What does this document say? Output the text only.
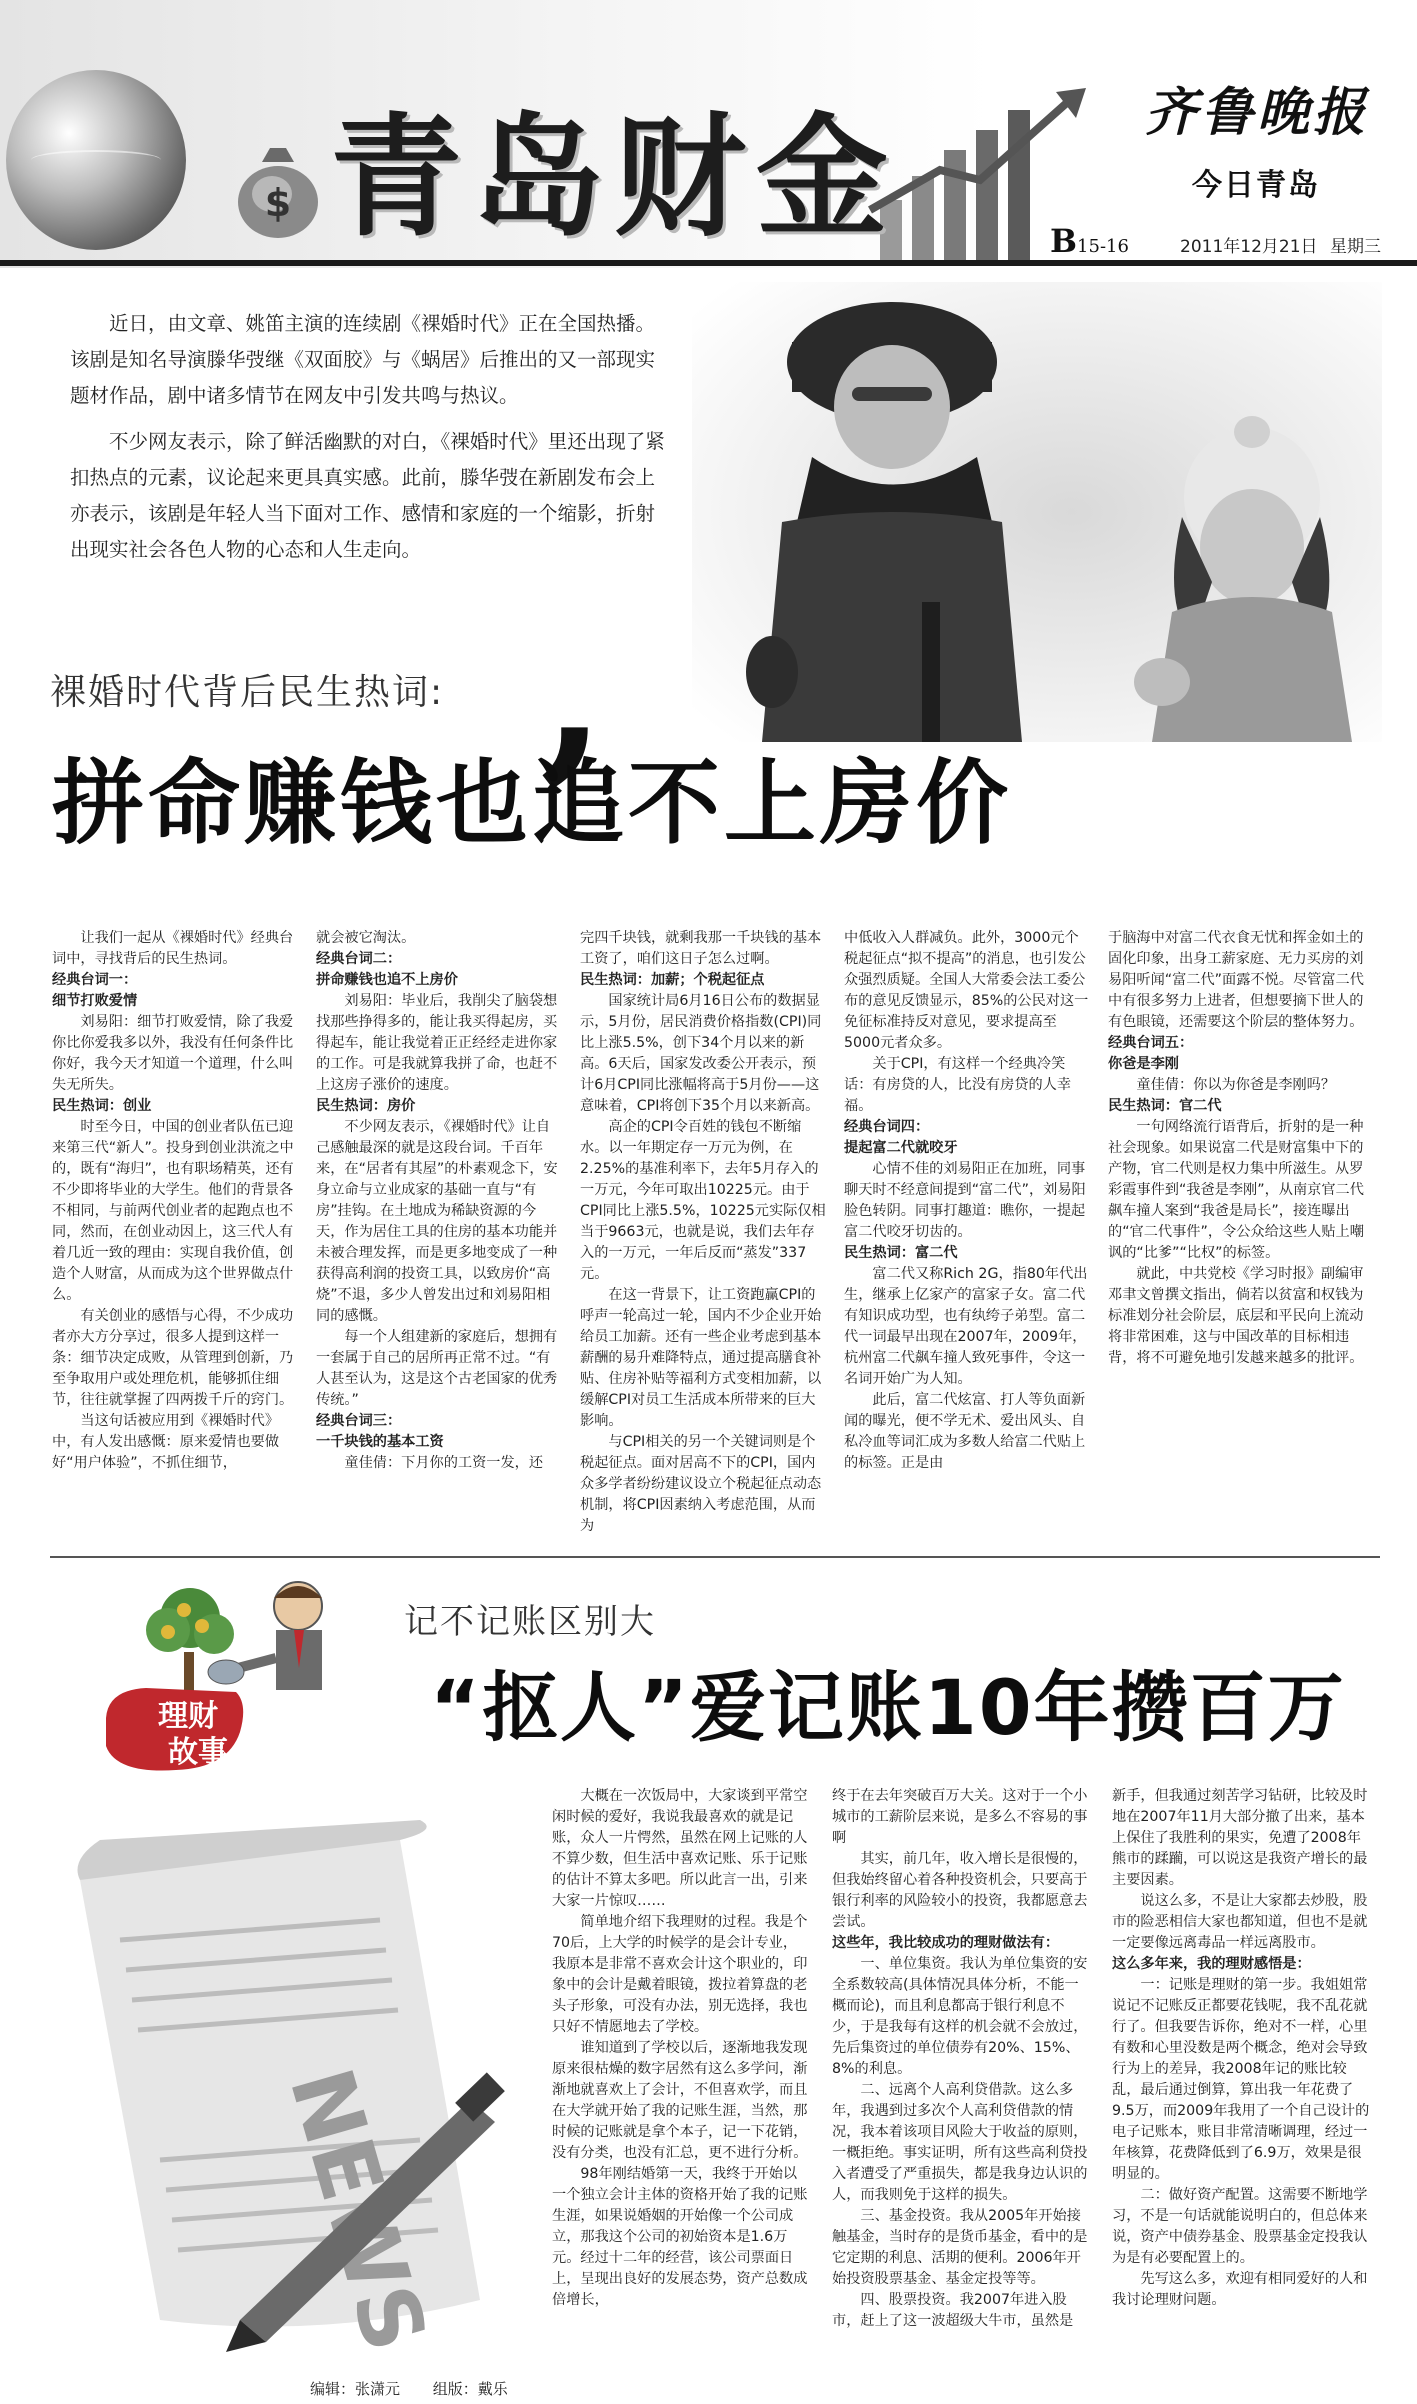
$ 青岛财金	齐鲁晚报
今日青岛
B15-16	2011年12月21日 星期三

近日，由文章、姚笛主演的连续剧《裸婚时代》正在全国热播。该剧是知名导演滕华弢继《双面胶》与《蜗居》后推出的又一部现实题材作品，剧中诸多情节在网友中引发共鸣与热议。

不少网友表示，除了鲜活幽默的对白，《裸婚时代》里还出现了紧扣热点的元素，议论起来更具真实感。此前，滕华弢在新剧发布会上亦表示，该剧是年轻人当下面对工作、感情和家庭的一个缩影，折射出现实社会各色人物的心态和人生走向。

,
裸婚时代背后民生热词:
拼命赚钱也追不上房价

让我们一起从《裸婚时代》经典台词中，寻找背后的民生热词。

经典台词一：

细节打败爱情

刘易阳：细节打败爱情，除了我爱你比你爱我多以外，我没有任何条件比你好，我今天才知道一个道理，什么叫失无所失。

民生热词：创业

时至今日，中国的创业者队伍已迎来第三代“新人”。投身到创业洪流之中的，既有“海归”，也有职场精英，还有不少即将毕业的大学生。他们的背景各不相同，与前两代创业者的起跑点也不同，然而，在创业动因上，这三代人有着几近一致的理由：实现自我价值，创造个人财富，从而成为这个世界做点什么。

有关创业的感悟与心得，不少成功者亦大方分享过，很多人提到这样一条：细节决定成败，从管理到创新，乃至争取用户或处理危机，能够抓住细节，往往就掌握了四两拨千斤的窍门。

当这句话被应用到《裸婚时代》中，有人发出感慨：原来爱情也要做好“用户体验”，不抓住细节，

就会被它淘汰。

经典台词二：

拼命赚钱也追不上房价

刘易阳：毕业后，我削尖了脑袋想找那些挣得多的，能让我买得起房，买得起车，能让我觉着正正经经走进你家的工作。可是我就算我拼了命，也赶不上这房子涨价的速度。

民生热词：房价

不少网友表示，《裸婚时代》让自己感触最深的就是这段台词。千百年来，在“居者有其屋”的朴素观念下，安身立命与立业成家的基础一直与“有房”挂钩。在土地成为稀缺资源的今天，作为居住工具的住房的基本功能并未被合理发挥，而是更多地变成了一种获得高利润的投资工具，以致房价“高烧”不退，多少人曾发出过和刘易阳相同的感慨。

每一个人组建新的家庭后，想拥有一套属于自己的居所再正常不过。“有人甚至认为，这是这个古老国家的优秀传统。”

经典台词三：

一千块钱的基本工资

童佳倩：下月你的工资一发，还

完四千块钱，就剩我那一千块钱的基本工资了，咱们这日子怎么过啊。

民生热词：加薪；个税起征点

国家统计局6月16日公布的数据显示，5月份，居民消费价格指数(CPI)同比上涨5.5%，创下34个月以来的新高。6天后，国家发改委公开表示，预计6月CPI同比涨幅将高于5月份——这意味着，CPI将创下35个月以来新高。

高企的CPI令百姓的钱包不断缩水。以一年期定存一万元为例，在2.25%的基准利率下，去年5月存入的一万元，今年可取出10225元。由于CPI同比上涨5.5%，10225元实际仅相当于9663元，也就是说，我们去年存入的一万元，一年后反而“蒸发”337元。

在这一背景下，让工资跑赢CPI的呼声一轮高过一轮，国内不少企业开始给员工加薪。还有一些企业考虑到基本薪酬的易升难降特点，通过提高膳食补贴、住房补贴等福利方式变相加薪，以缓解CPI对员工生活成本所带来的巨大影响。

与CPI相关的另一个关键词则是个税起征点。面对居高不下的CPI，国内众多学者纷纷建议设立个税起征点动态机制，将CPI因素纳入考虑范围，从而为

中低收入人群减负。此外，3000元个税起征点“拟不提高”的消息，也引发公众强烈质疑。全国人大常委会法工委公布的意见反馈显示，85%的公民对这一免征标准持反对意见，要求提高至5000元者众多。

关于CPI，有这样一个经典冷笑话：有房贷的人，比没有房贷的人幸福。

经典台词四：

提起富二代就咬牙

心情不佳的刘易阳正在加班，同事聊天时不经意间提到“富二代”，刘易阳脸色转阴。同事打趣道：瞧你，一提起富二代咬牙切齿的。

民生热词：富二代

富二代又称Rich 2G，指80年代出生，继承上亿家产的富家子女。富二代有知识成功型，也有纨绔子弟型。富二代一词最早出现在2007年，2009年，杭州富二代飙车撞人致死事件，令这一名词开始广为人知。

此后，富二代炫富、打人等负面新闻的曝光，便不学无术、爱出风头、自私冷血等词汇成为多数人给富二代贴上的标签。正是由

于脑海中对富二代衣食无忧和挥金如土的固化印象，出身工薪家庭、无力买房的刘易阳听闻“富二代”面露不悦。尽管富二代中有很多努力上进者，但想要摘下世人的有色眼镜，还需要这个阶层的整体努力。

经典台词五：

你爸是李刚

童佳倩：你以为你爸是李刚吗？

民生热词：官二代

一句网络流行语背后，折射的是一种社会现象。如果说富二代是财富集中下的产物，官二代则是权力集中所滋生。从罗彩霞事件到“我爸是李刚”，从南京官二代飙车撞人案到“我爸是局长”，接连曝出的“官二代事件”，令公众给这些人贴上嘲讽的“比爹”“比权”的标签。

就此，中共党校《学习时报》副编审邓聿文曾撰文指出，倘若以贫富和权钱为标准划分社会阶层，底层和平民向上流动将非常困难，这与中国改革的目标相违背，将不可避免地引发越来越多的批评。

理财
故事
记不记账区别大
“抠人”爱记账10年攒百万

大概在一次饭局中，大家谈到平常空闲时候的爱好，我说我最喜欢的就是记账，众人一片愕然，虽然在网上记账的人不算少数，但生活中喜欢记账、乐于记账的估计不算太多吧。所以此言一出，引来大家一片惊叹……

简单地介绍下我理财的过程。我是个70后，上大学的时候学的是会计专业，我原本是非常不喜欢会计这个职业的，印象中的会计是戴着眼镜，拨拉着算盘的老头子形象，可没有办法，别无选择，我也只好不情愿地去了学校。

谁知道到了学校以后，逐渐地我发现原来很枯燥的数字居然有这么多学问，渐渐地就喜欢上了会计，不但喜欢学，而且在大学就开始了我的记账生涯，当然，那时候的记账就是拿个本子，记一下花销，没有分类，也没有汇总，更不进行分析。

98年刚结婚第一天，我终于开始以一个独立会计主体的资格开始了我的记账生涯，如果说婚姻的开始像一个公司成立，那我这个公司的初始资本是1.6万元。经过十二年的经营，该公司票面日上，呈现出良好的发展态势，资产总数成倍增长，

终于在去年突破百万大关。这对于一个小城市的工薪阶层来说，是多么不容易的事啊

其实，前几年，收入增长是很慢的，但我始终留心着各种投资机会，只要高于银行利率的风险较小的投资，我都愿意去尝试。

这些年，我比较成功的理财做法有：

一、单位集资。我认为单位集资的安全系数较高(具体情况具体分析，不能一概而论)，而且利息都高于银行利息不少，于是我每有这样的机会就不会放过，先后集资过的单位债券有20%、15%、8%的利息。

二、远离个人高利贷借款。这么多年，我遇到过多次个人高利贷借款的情况，我本着该项目风险大于收益的原则，一概拒绝。事实证明，所有这些高利贷投入者遭受了严重损失，都是我身边认识的人，而我则免于这样的损失。

三、基金投资。我从2005年开始接触基金，当时存的是货币基金，看中的是它定期的利息、活期的便利。2006年开始投资股票基金、基金定投等等。

四、股票投资。我2007年进入股市，赶上了这一波超级大牛市，虽然是

新手，但我通过刻苦学习钻研，比较及时地在2007年11月大部分撤了出来，基本上保住了我胜利的果实，免遭了2008年熊市的蹂躏，可以说这是我资产增长的最主要因素。

说这么多，不是让大家都去炒股，股市的险恶相信大家也都知道，但也不是就一定要像远离毒品一样远离股市。

这么多年来，我的理财感悟是：

一：记账是理财的第一步。我姐姐常说记不记账反正都要花钱呢，我不乱花就行了。但我要告诉你，绝对不一样，心里有数和心里没数是两个概念，绝对会导致行为上的差异，我2008年记的账比较乱，最后通过倒算，算出我一年花费了9.5万，而2009年我用了一个自己设计的电子记账本，账目非常清晰调理，经过一年核算，花费降低到了6.9万，效果是很明显的。

二：做好资产配置。这需要不断地学习，不是一句话就能说明白的，但总体来说，资产中债券基金、股票基金定投我认为是有必要配置上的。

先写这么多，欢迎有相同爱好的人和我讨论理财问题。

编辑：张潇元 组版：戴乐
